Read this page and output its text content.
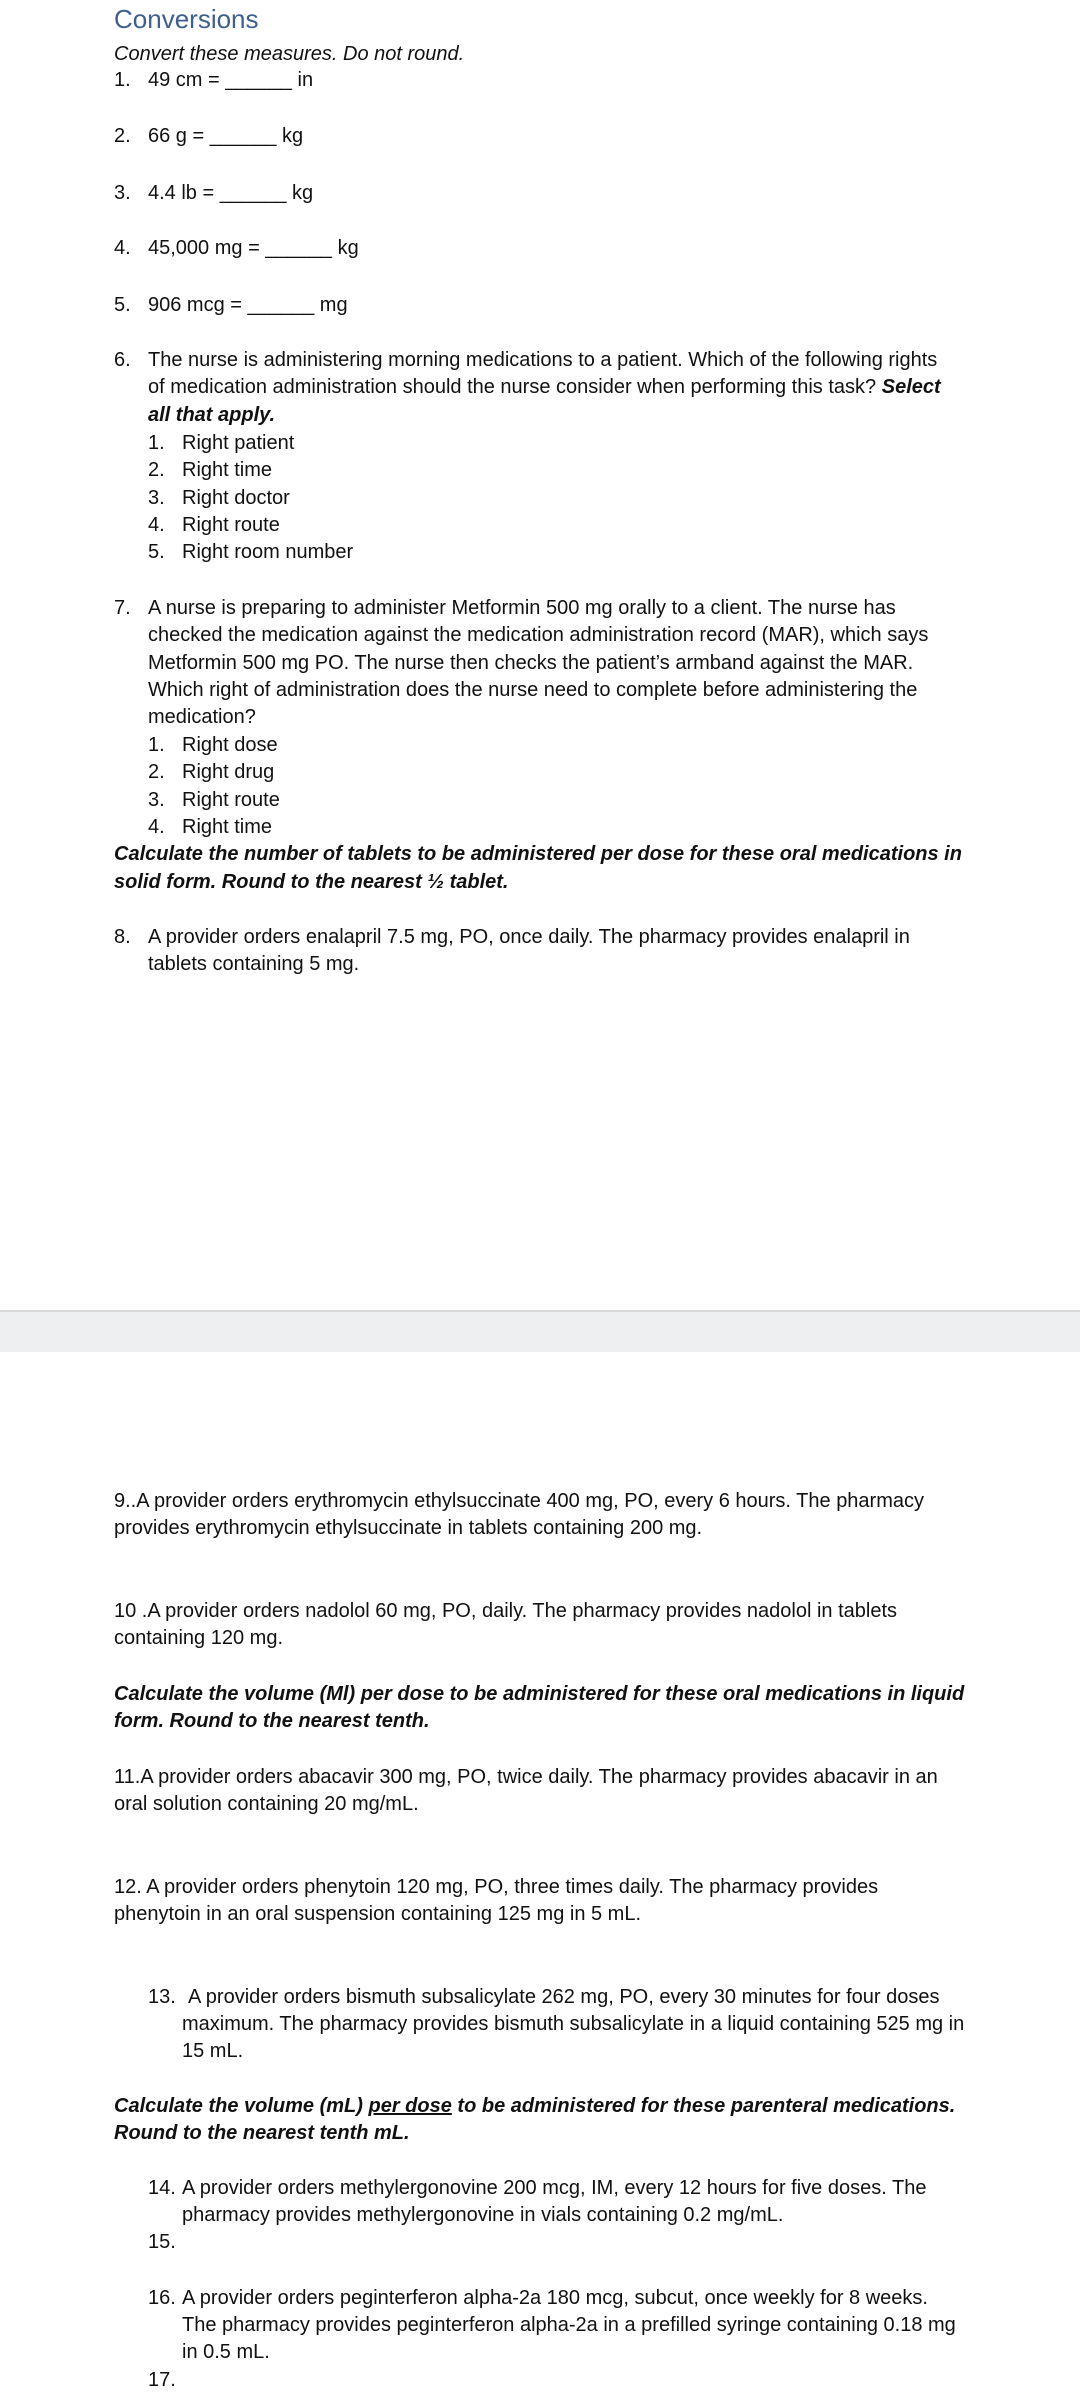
Conversions
Convert these measures. Do not round.
1. 49 cm = ______ in
2. 66 g = ______ kg
3. 4.4 lb = ______ kg
4. 45,000 mg = ______ kg
5. 906 mcg = ______ mg
6. The nurse is administering morning medications to a patient. Which of the following rights
of medication administration should the nurse consider when performing this task? Select
all that apply.
1. Right patient
2. Right time
3. Right doctor
4. Right route
5. Right room number
7. A nurse is preparing to administer Metformin 500 mg orally to a client. The nurse has
checked the medication against the medication administration record (MAR), which says
Metformin 500 mg PO. The nurse then checks the patient’s armband against the MAR.
Which right of administration does the nurse need to complete before administering the
medication?
1. Right dose
2. Right drug
3. Right route
4. Right time
Calculate the number of tablets to be administered per dose for these oral medications in
solid form. Round to the nearest ½ tablet.
8. A provider orders enalapril 7.5 mg, PO, once daily. The pharmacy provides enalapril in
tablets containing 5 mg.
9..A provider orders erythromycin ethylsuccinate 400 mg, PO, every 6 hours. The pharmacy
provides erythromycin ethylsuccinate in tablets containing 200 mg.
10 .A provider orders nadolol 60 mg, PO, daily. The pharmacy provides nadolol in tablets
containing 120 mg.
Calculate the volume (Ml) per dose to be administered for these oral medications in liquid
form. Round to the nearest tenth.
11.A provider orders abacavir 300 mg, PO, twice daily. The pharmacy provides abacavir in an
oral solution containing 20 mg/mL.
12. A provider orders phenytoin 120 mg, PO, three times daily. The pharmacy provides
phenytoin in an oral suspension containing 125 mg in 5 mL.
13. A provider orders bismuth subsalicylate 262 mg, PO, every 30 minutes for four doses
maximum. The pharmacy provides bismuth subsalicylate in a liquid containing 525 mg in
15 mL.
Calculate the volume (mL) per dose to be administered for these parenteral medications.
Round to the nearest tenth mL.
14. A provider orders methylergonovine 200 mcg, IM, every 12 hours for five doses. The
pharmacy provides methylergonovine in vials containing 0.2 mg/mL.
15.
16. A provider orders peginterferon alpha-2a 180 mcg, subcut, once weekly for 8 weeks.
The pharmacy provides peginterferon alpha-2a in a prefilled syringe containing 0.18 mg
in 0.5 mL.
17.
